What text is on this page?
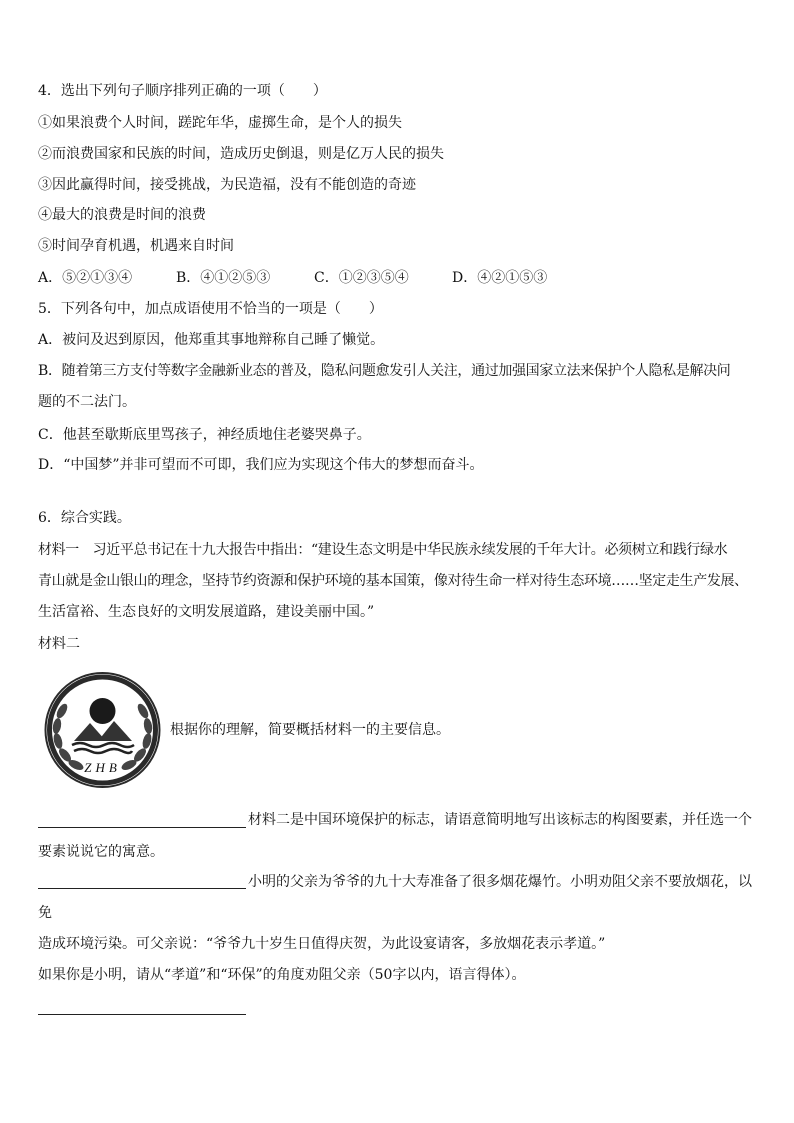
4．选出下列句子顺序排列正确的一项（　　）
①如果浪费个人时间，蹉跎年华，虚掷生命，是个人的损失
②而浪费国家和民族的时间，造成历史倒退，则是亿万人民的损失
③因此赢得时间，接受挑战，为民造福，没有不能创造的奇迹
④最大的浪费是时间的浪费
⑤时间孕育机遇，机遇来自时间
A．⑤②①③④	B．④①②⑤③	C．①②③⑤④	D．④②①⑤③
5．下列各句中，加点成语使用不恰当的一项是（　　）
A．被问及迟到原因，他郑重其事地辩称自己睡了懒觉。
B．随着第三方支付等数字金融新业态的普及，隐私问题愈发引人关注，通过加强国家立法来保护个人隐私是解决问
题的不二法门。
C．他甚至歇斯底里骂孩子，神经质地住老婆哭鼻子。
D．“中国梦”并非可望而不可即，我们应为实现这个伟大的梦想而奋斗。
6．综合实践。
材料一　习近平总书记在十九大报告中指出：“建设生态文明是中华民族永续发展的千年大计。必须树立和践行绿水
青山就是金山银山的理念，坚持节约资源和保护环境的基本国策，像对待生命一样对待生态环境……坚定走生产发展、
生活富裕、生态良好的文明发展道路，建设美丽中国。”
材料二
ZHB
根据你的理解，简要概括材料一的主要信息。
材料二是中国环境保护的标志，请语意简明地写出该标志的构图要素，并任选一个
要素说说它的寓意。
小明的父亲为爷爷的九十大寿准备了很多烟花爆竹。小明劝阻父亲不要放烟花，以
免
造成环境污染。可父亲说：“爷爷九十岁生日值得庆贺，为此设宴请客，多放烟花表示孝道。”
如果你是小明，请从“孝道”和“环保”的角度劝阻父亲（50字以内，语言得体）。
